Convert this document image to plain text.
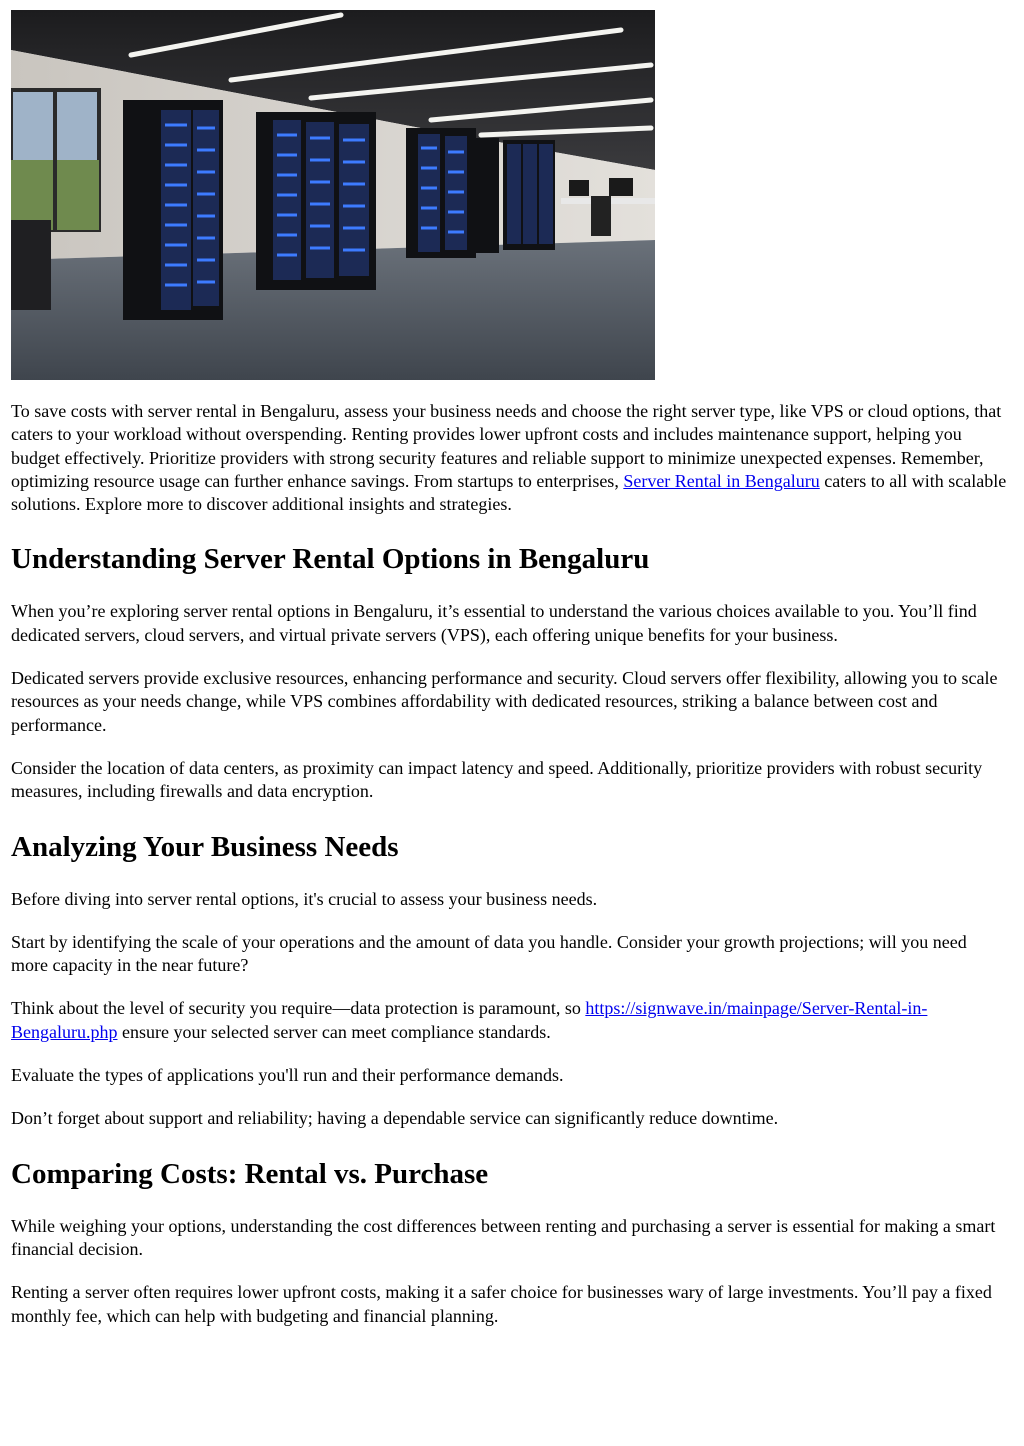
To save costs with server rental in Bengaluru, assess your business needs and choose the right server type, like VPS or cloud options, that caters to your workload without overspending. Renting provides lower upfront costs and includes maintenance support, helping you budget effectively. Prioritize providers with strong security features and reliable support to minimize unexpected expenses. Remember, optimizing resource usage can further enhance savings. From startups to enterprises, Server Rental in Bengaluru caters to all with scalable solutions. Explore more to discover additional insights and strategies.

Understanding Server Rental Options in Bengaluru

When you’re exploring server rental options in Bengaluru, it’s essential to understand the various choices available to you. You’ll find dedicated servers, cloud servers, and virtual private servers (VPS), each offering unique benefits for your business.

Dedicated servers provide exclusive resources, enhancing performance and security. Cloud servers offer flexibility, allowing you to scale resources as your needs change, while VPS combines affordability with dedicated resources, striking a balance between cost and performance.

Consider the location of data centers, as proximity can impact latency and speed. Additionally, prioritize providers with robust security measures, including firewalls and data encryption.

Analyzing Your Business Needs

Before diving into server rental options, it's crucial to assess your business needs.

Start by identifying the scale of your operations and the amount of data you handle. Consider your growth projections; will you need more capacity in the near future?

Think about the level of security you require—data protection is paramount, so https://signwave.in/mainpage/Server-Rental-in-Bengaluru.php ensure your selected server can meet compliance standards.

Evaluate the types of applications you'll run and their performance demands.

Don’t forget about support and reliability; having a dependable service can significantly reduce downtime.

Comparing Costs: Rental vs. Purchase

While weighing your options, understanding the cost differences between renting and purchasing a server is essential for making a smart financial decision.

Renting a server often requires lower upfront costs, making it a safer choice for businesses wary of large investments. You’ll pay a fixed monthly fee, which can help with budgeting and financial planning.
